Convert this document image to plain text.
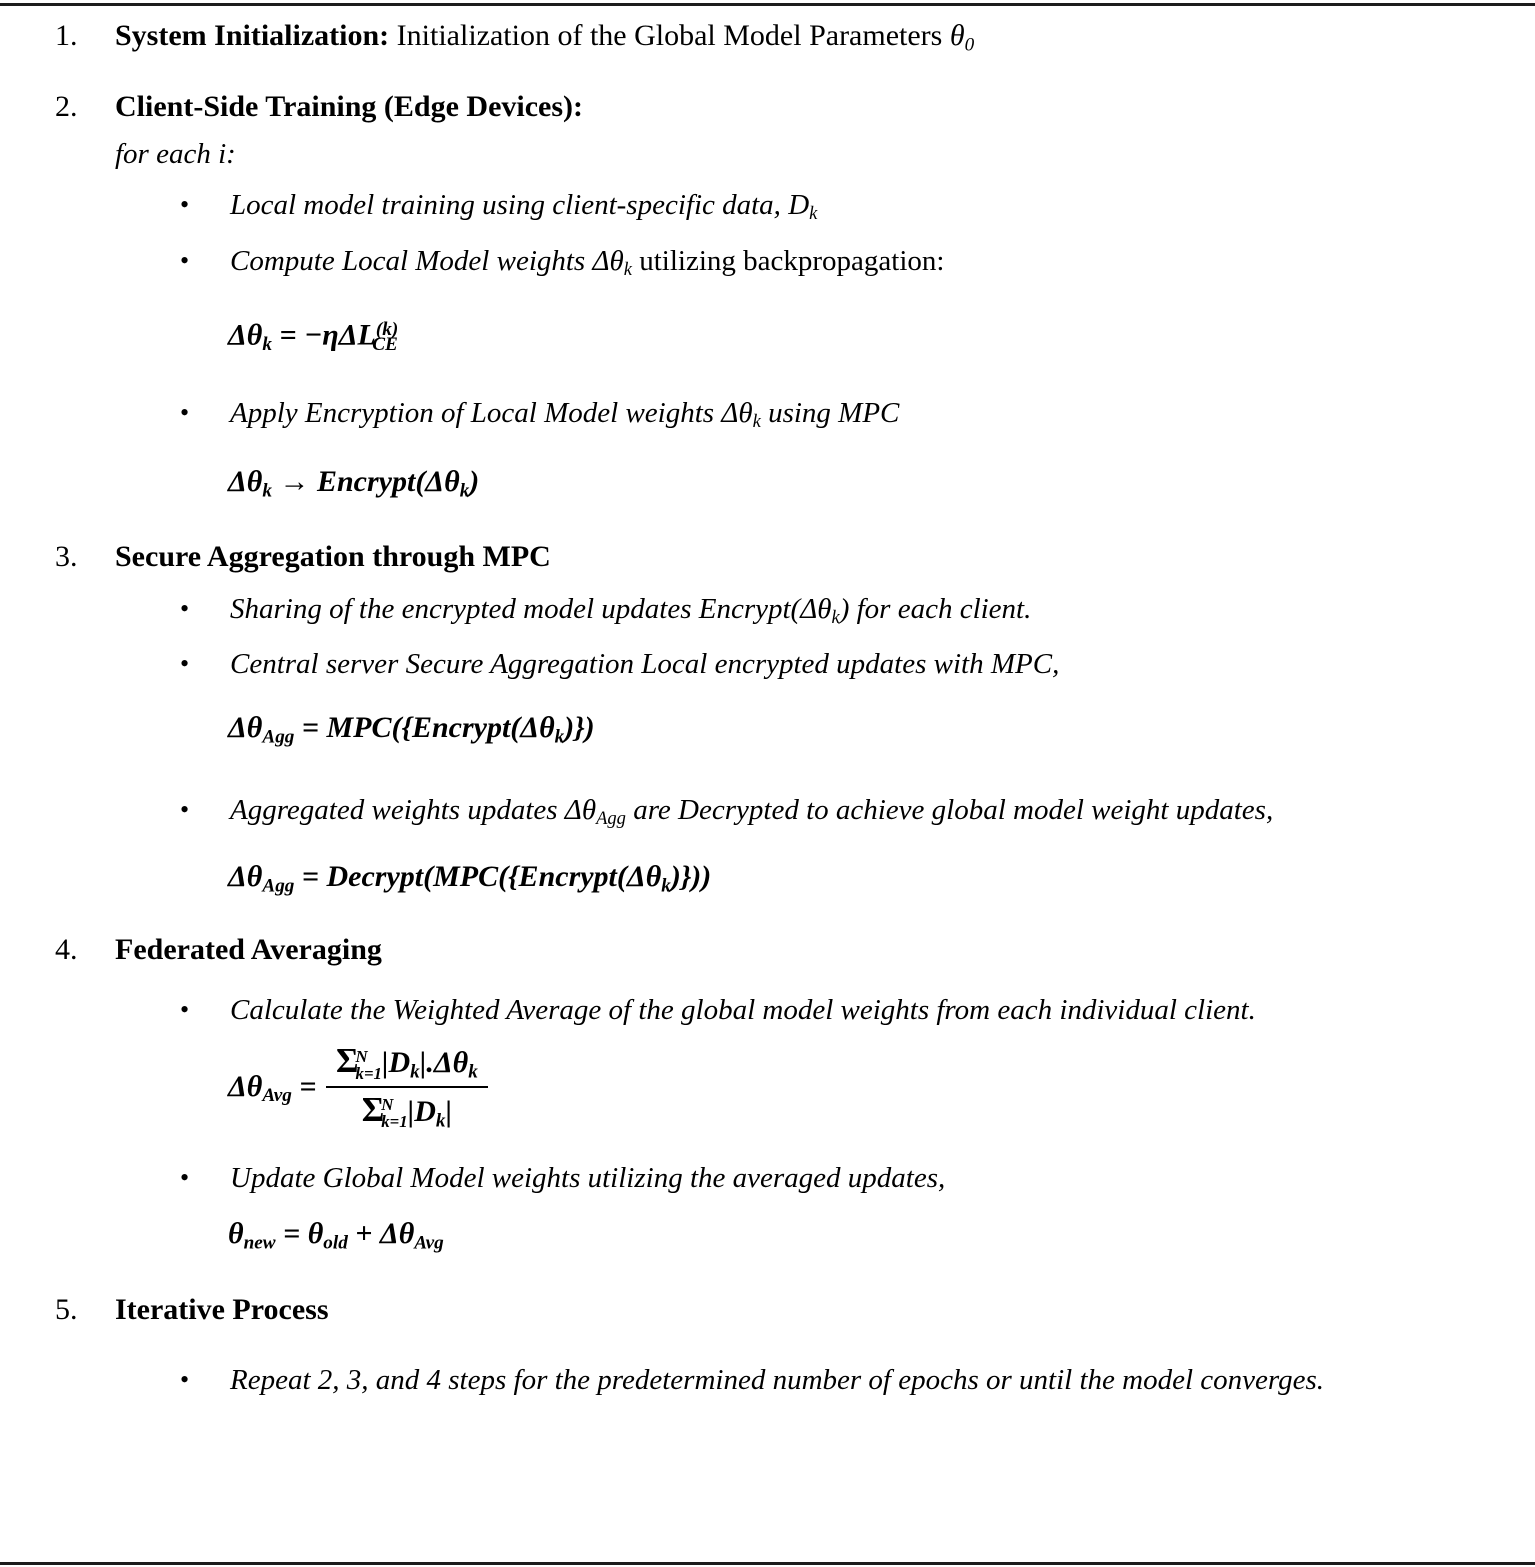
1. System Initialization: Initialization of the Global Model Parameters $\theta_0$
2. Client-Side Training (Edge Devices):
for each i:
• Local model training using client-specific data, $D_k$
• Compute Local Model weights $\Delta\theta_k$ utilizing backpropagation:
$\Delta\theta_k = -\eta\Delta L^{(k)}_{CE}$
• Apply Encryption of Local Model weights $\Delta\theta_k$ using MPC
$\Delta\theta_k$ → $Encrypt(\Delta\theta_k)$
3. Secure Aggregation through MPC
• Sharing of the encrypted model updates $Encrypt(\Delta\theta_k)$ for each client.
• Central server Secure Aggregation Local encrypted updates with MPC,
$\Delta\theta_{Agg}$ = $MPC(\{Encrypt(\Delta\theta_k)\})$
• Aggregated weights updates $\Delta\theta_{Agg}$ are Decrypted to achieve global model weight updates,
$\Delta\theta_{Agg}$ = $Decrypt(MPC(\{Encrypt(\Delta\theta_k)\}))$
4. Federated Averaging
• Calculate the Weighted Average of the global model weights from each individual client.
$\Delta\theta_{Avg} = \Sigma$
N
k=1 $|D_k|.\Delta\theta_k$
Σ
N
k=1 $|D_k|$
• Update Global Model weights utilizing the averaged updates,
$\theta_{new} = \theta_{old} + \Delta\theta_{Avg}$
5. Iterative Process
• Repeat 2, 3, and 4 steps for the predetermined number of epochs or until the model converges.
